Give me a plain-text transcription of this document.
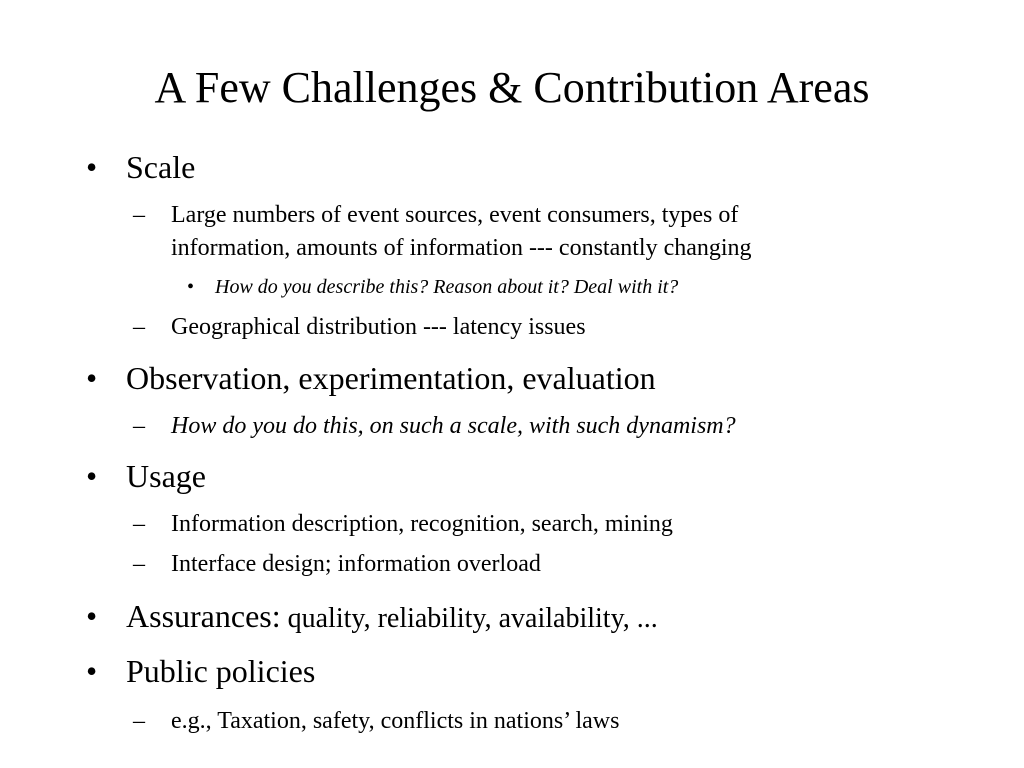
A Few Challenges & Contribution Areas
• Scale
–	Large numbers of event sources, event consumers, types of
information, amounts of information --- constantly changing
•	How do you describe this? Reason about it? Deal with it?
–	Geographical distribution --- latency issues
• Observation, experimentation, evaluation
–	How do you do this, on such a scale, with such dynamism?
• Usage
–	Information description, recognition, search, mining
–	Interface design; information overload
• Assurances: quality, reliability, availability, ...
• Public policies
–	e.g., Taxation, safety, conflicts in nations’ laws
